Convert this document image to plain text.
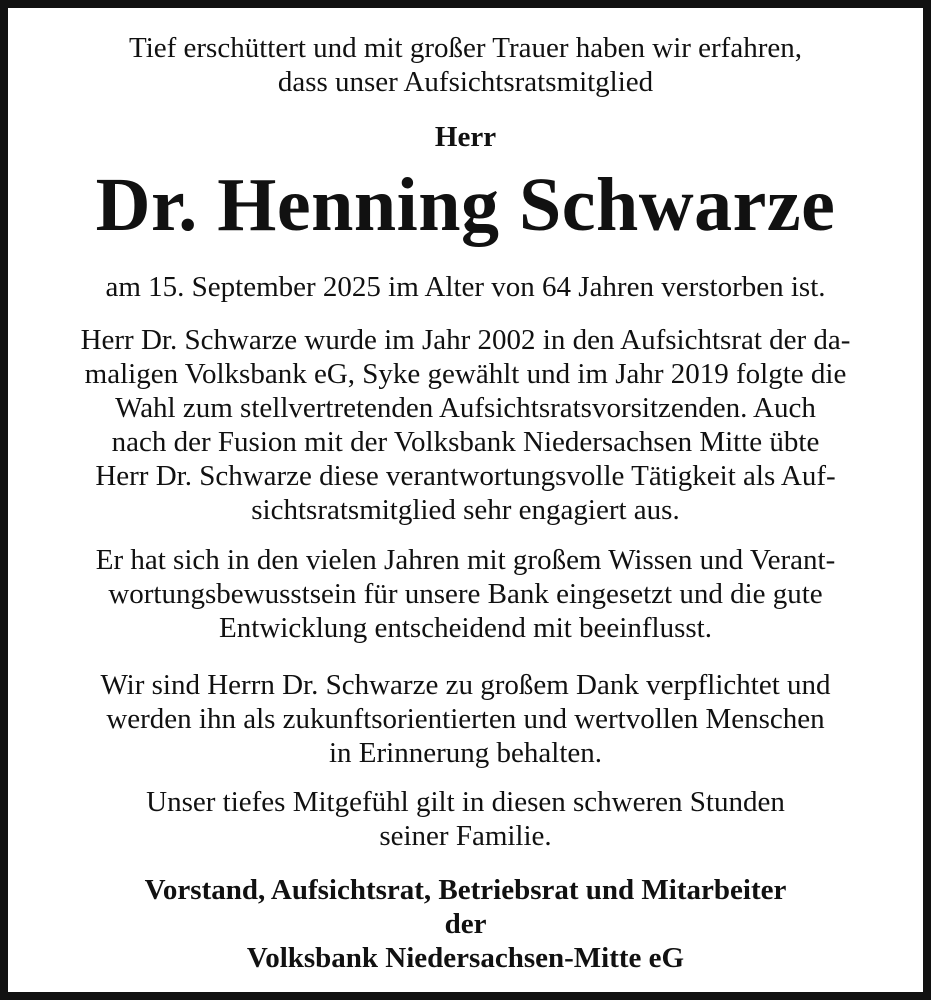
Tief erschüttert und mit großer Trauer haben wir erfahren,
dass unser Aufsichtsratsmitglied
Herr
Dr. Henning Schwarze
am 15. September 2025 im Alter von 64 Jahren verstorben ist.
Herr Dr. Schwarze wurde im Jahr 2002 in den Aufsichtsrat der da-
maligen Volksbank eG, Syke gewählt und im Jahr 2019 folgte die
Wahl zum stellvertretenden Aufsichtsratsvorsitzenden. Auch
nach der Fusion mit der Volksbank Niedersachsen Mitte übte
Herr Dr. Schwarze diese verantwortungsvolle Tätigkeit als Auf-
sichtsratsmitglied sehr engagiert aus.
Er hat sich in den vielen Jahren mit großem Wissen und Verant-
wortungsbewusstsein für unsere Bank eingesetzt und die gute
Entwicklung entscheidend mit beeinflusst.
Wir sind Herrn Dr. Schwarze zu großem Dank verpflichtet und
werden ihn als zukunftsorientierten und wertvollen Menschen
in Erinnerung behalten.
Unser tiefes Mitgefühl gilt in diesen schweren Stunden
seiner Familie.
Vorstand, Aufsichtsrat, Betriebsrat und Mitarbeiter
der
Volksbank Niedersachsen-Mitte eG
